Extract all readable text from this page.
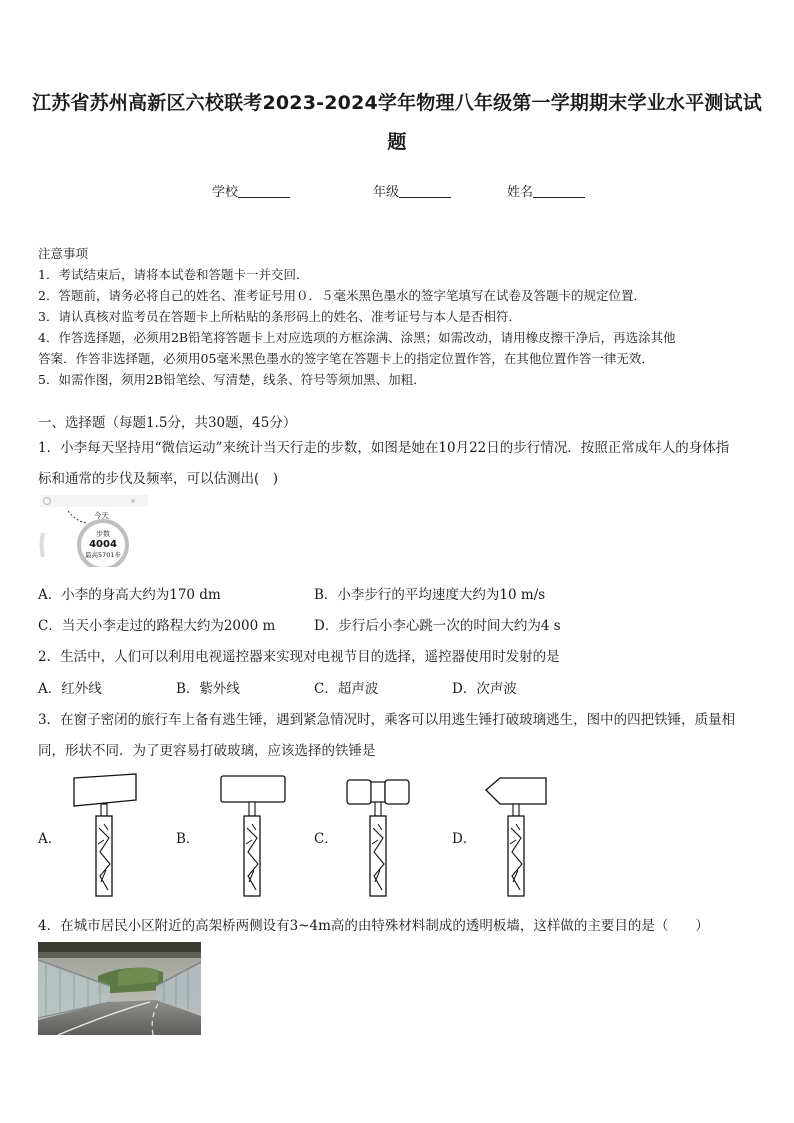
江苏省苏州高新区六校联考2023-2024学年物理八年级第一学期期末学业水平测试试
题
学校	年级	姓名
注意事项
1．考试结束后，请将本试卷和答题卡一并交回．
2．答题前，请务必将自己的姓名、准考证号用０．５毫米黑色墨水的签字笔填写在试卷及答题卡的规定位置．
3．请认真核对监考员在答题卡上所粘贴的条形码上的姓名、准考证号与本人是否相符．
4．作答选择题，必须用2B铅笔将答题卡上对应选项的方框涂满、涂黑；如需改动，请用橡皮擦干净后，再选涂其他
答案．作答非选择题，必须用05毫米黑色墨水的签字笔在答题卡上的指定位置作答，在其他位置作答一律无效．
5．如需作图，须用2B铅笔绘、写清楚，线条、符号等须加黑、加粗．
一、选择题（每题1.5分，共30题，45分）
1．小李每天坚持用“微信运动”来统计当天行走的步数，如图是她在10月22日的步行情况．按照正常成年人的身体指
标和通常的步伐及频率，可以估测出(　)
今天
步数
4004
最高5701步
A．小李的身高大约为170 dm	B．小李步行的平均速度大约为10 m/s
C．当天小李走过的路程大约为2000 m	D．步行后小李心跳一次的时间大约为4 s
2．生活中，人们可以利用电视遥控器来实现对电视节目的选择，遥控器使用时发射的是
A．红外线	B．紫外线	C．超声波	D．次声波
3．在窗子密闭的旅行车上备有逃生锤，遇到紧急情况时，乘客可以用逃生锤打破玻璃逃生，图中的四把铁锤，质量相
同，形状不同．为了更容易打破玻璃，应该选择的铁锤是
A．	B．	C．	D．
4．在城市居民小区附近的高架桥两侧设有3~4m高的由特殊材料制成的透明板墙，这样做的主要目的是（　　）
